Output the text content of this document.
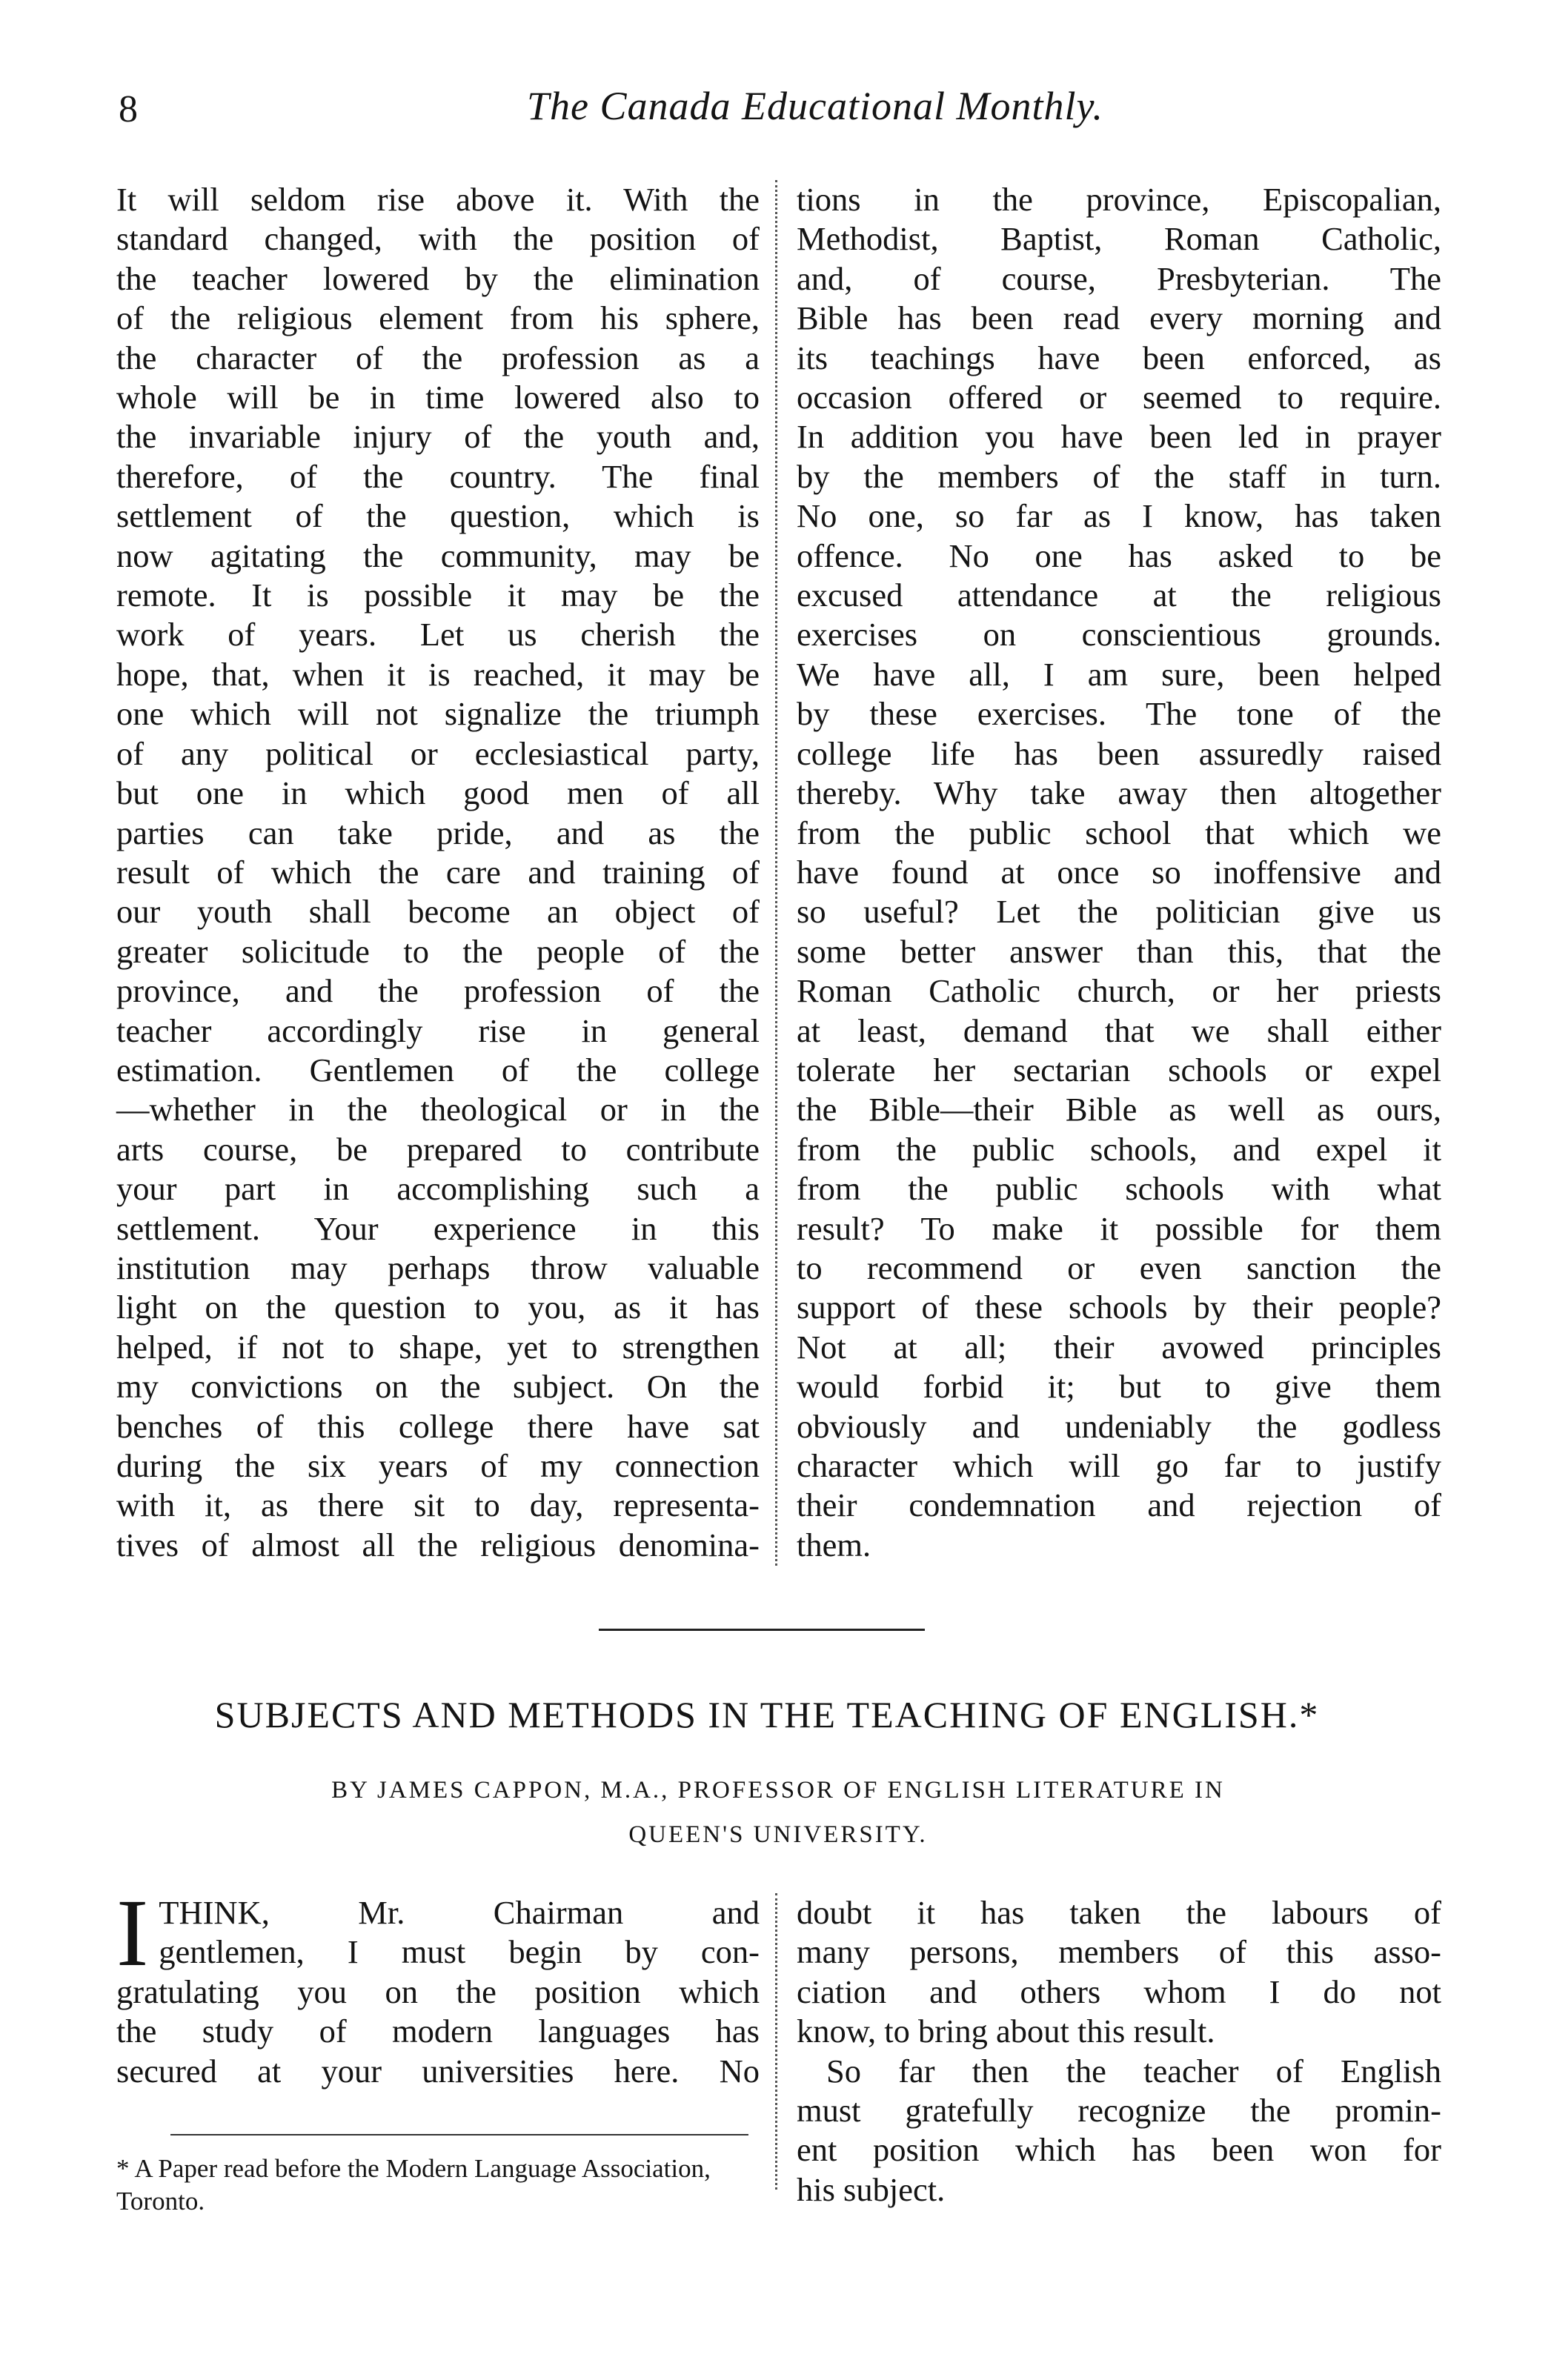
8	The Canada Educational Monthly.
It will seldom rise above it. With the
standard changed, with the position of
the teacher lowered by the elimination
of the religious element from his sphere,
the character of the profession as a
whole will be in time lowered also to
the invariable injury of the youth and,
therefore, of the country. The final
settlement of the question, which is
now agitating the community, may be
remote. It is possible it may be the
work of years. Let us cherish the
hope, that, when it is reached, it may be
one which will not signalize the triumph
of any political or ecclesiastical party,
but one in which good men of all
parties can take pride, and as the
result of which the care and training of
our youth shall become an object of
greater solicitude to the people of the
province, and the profession of the
teacher accordingly rise in general
estimation. Gentlemen of the college
—whether in the theological or in the
arts course, be prepared to contribute
your part in accomplishing such a
settlement. Your experience in this
institution may perhaps throw valuable
light on the question to you, as it has
helped, if not to shape, yet to strengthen
my convictions on the subject. On the
benches of this college there have sat
during the six years of my connection
with it, as there sit to day, representa-
tives of almost all the religious denomina-
tions in the province, Episcopalian,
Methodist, Baptist, Roman Catholic,
and, of course, Presbyterian. The
Bible has been read every morning and
its teachings have been enforced, as
occasion offered or seemed to require.
In addition you have been led in prayer
by the members of the staff in turn.
No one, so far as I know, has taken
offence. No one has asked to be
excused attendance at the religious
exercises on conscientious grounds.
We have all, I am sure, been helped
by these exercises. The tone of the
college life has been assuredly raised
thereby. Why take away then altogether
from the public school that which we
have found at once so inoffensive and
so useful? Let the politician give us
some better answer than this, that the
Roman Catholic church, or her priests
at least, demand that we shall either
tolerate her sectarian schools or expel
the Bible—their Bible as well as ours,
from the public schools, and expel it
from the public schools with what
result? To make it possible for them
to recommend or even sanction the
support of these schools by their people?
Not at all; their avowed principles
would forbid it; but to give them
obviously and undeniably the godless
character which will go far to justify
their condemnation and rejection of
them.
SUBJECTS AND METHODS IN THE TEACHING OF ENGLISH.*
BY JAMES CAPPON, M.A., PROFESSOR OF ENGLISH LITERATURE IN
QUEEN'S UNIVERSITY.
I THINK, Mr. Chairman and
gentlemen, I must begin by con-
gratulating you on the position which
the study of modern languages has
secured at your universities here. No
doubt it has taken the labours of
many persons, members of this asso-
ciation and others whom I do not
know, to bring about this result.
So far then the teacher of English
must gratefully recognize the promin-
ent position which has been won for
his subject.
* A Paper read before the Modern Language Association, Toronto.
